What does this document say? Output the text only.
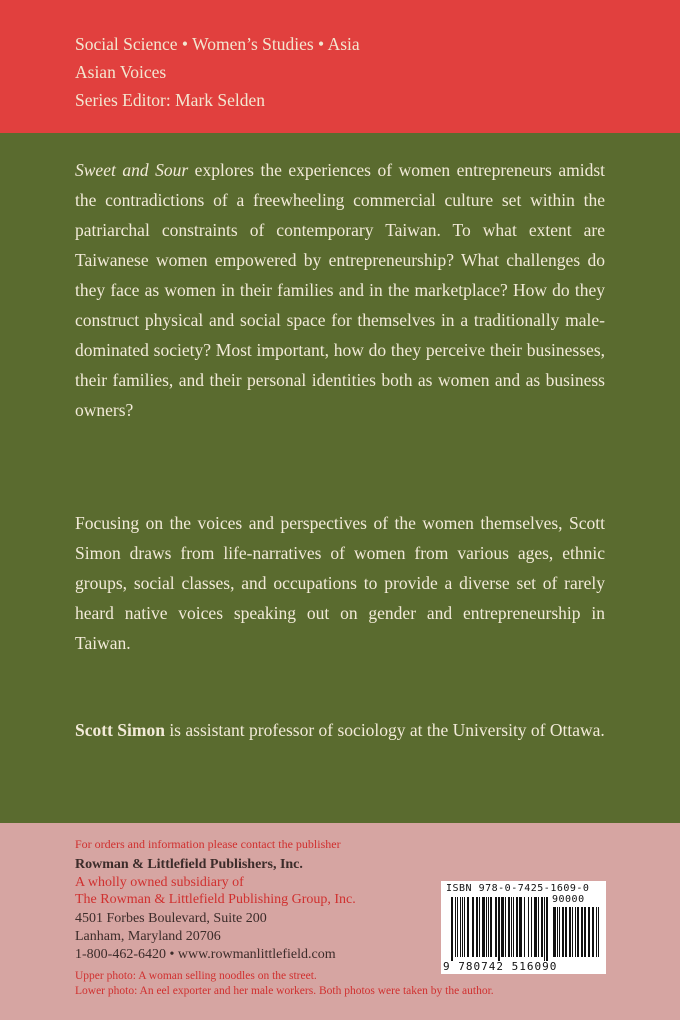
Social Science • Women’s Studies • Asia
Asian Voices
Series Editor: Mark Selden
Sweet and Sour explores the experiences of women entrepreneurs amidst the contradictions of a freewheeling commercial culture set within the patriarchal constraints of contemporary Taiwan. To what extent are Taiwanese women empowered by entrepreneurship? What challenges do they face as women in their families and in the marketplace? How do they construct physical and social space for themselves in a traditionally male-dominated society? Most important, how do they perceive their businesses, their families, and their personal identities both as women and as business owners?
Focusing on the voices and perspectives of the women themselves, Scott Simon draws from life-narratives of women from various ages, ethnic groups, social classes, and occupations to provide a diverse set of rarely heard native voices speaking out on gender and entrepreneurship in Taiwan.
Scott Simon is assistant professor of sociology at the University of Ottawa.
For orders and information please contact the publisher
Rowman & Littlefield Publishers, Inc.
A wholly owned subsidiary of
The Rowman & Littlefield Publishing Group, Inc.
4501 Forbes Boulevard, Suite 200
Lanham, Maryland 20706
1-800-462-6420 • www.rowmanlittlefield.com
Upper photo: A woman selling noodles on the street.
Lower photo: An eel exporter and her male workers. Both photos were taken by the author.
ISBN 978-0-7425-1609-0
90000
9 780742 516090
